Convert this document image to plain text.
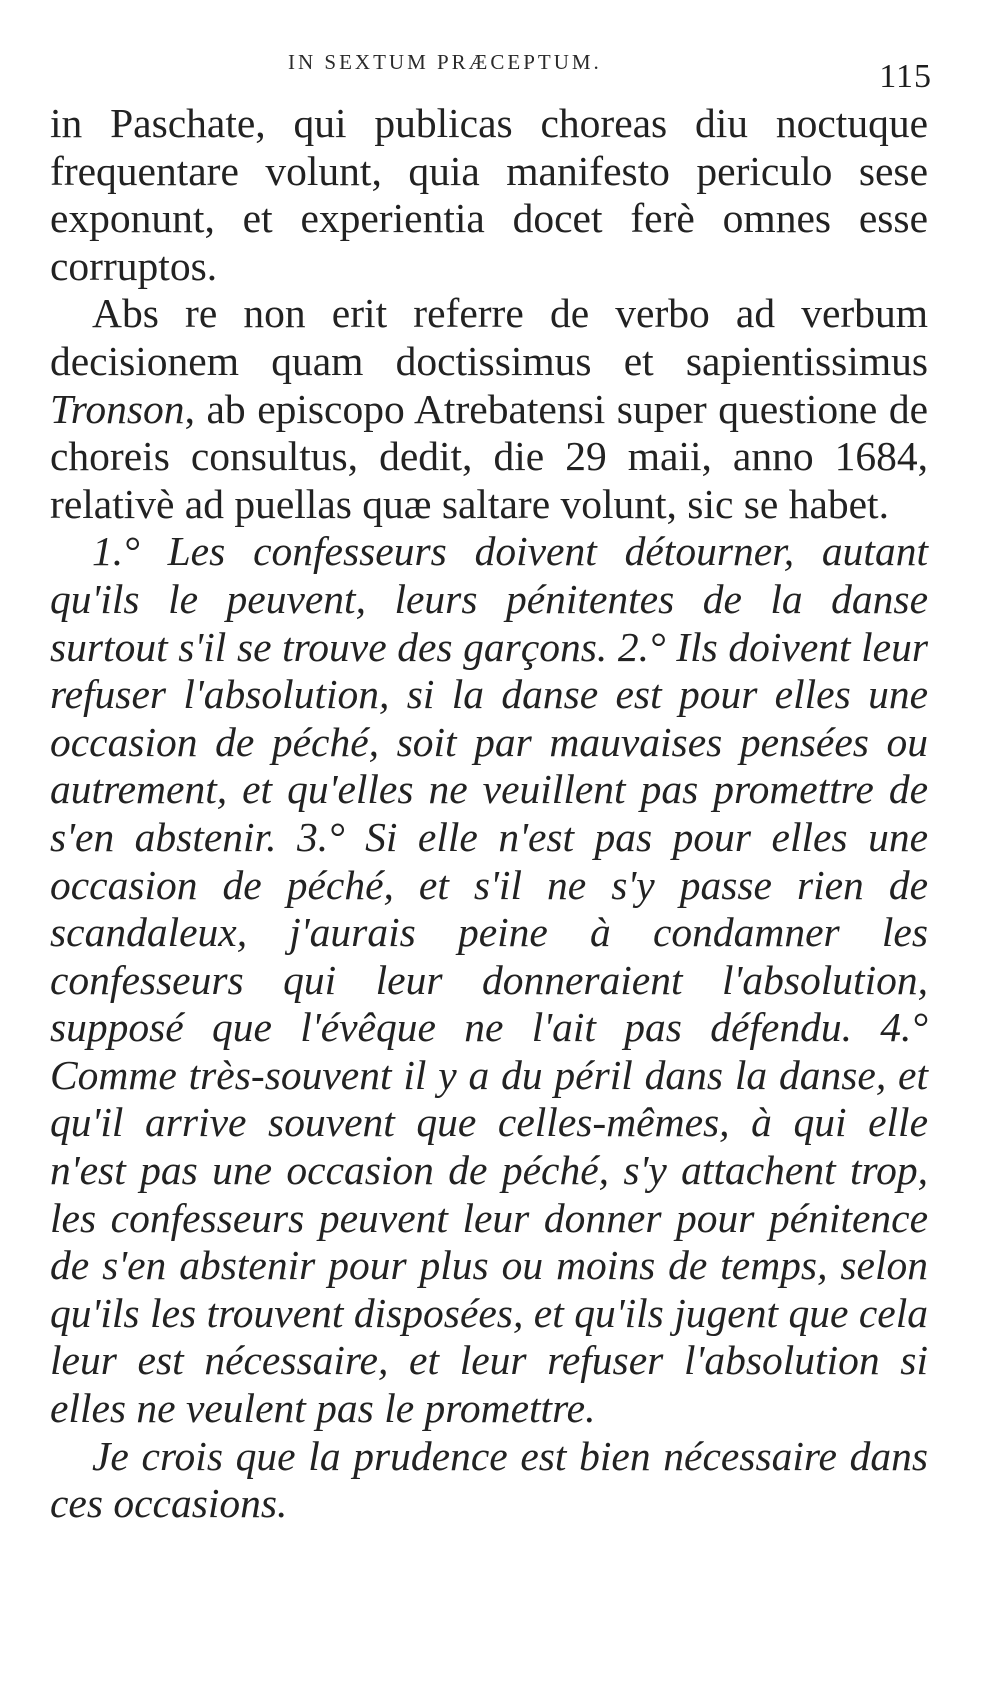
IN SEXTUM PRÆCEPTUM.	115

in Paschate, qui publicas choreas diu noctuque frequentare volunt, quia manifesto periculo sese exponunt, et experientia docet ferè omnes esse corruptos.

Abs re non erit referre de verbo ad verbum decisionem quam doctissimus et sapientissimus Tronson, ab episcopo Atrebatensi super questione de choreis consultus, dedit, die 29 maii, anno 1684, relativè ad puellas quæ saltare volunt, sic se habet.

1.° Les confesseurs doivent détourner, autant qu'ils le peuvent, leurs pénitentes de la danse surtout s'il se trouve des garçons. 2.° Ils doivent leur refuser l'absolution, si la danse est pour elles une occasion de péché, soit par mauvaises pensées ou autrement, et qu'elles ne veuillent pas promettre de s'en abstenir. 3.° Si elle n'est pas pour elles une occasion de péché, et s'il ne s'y passe rien de scandaleux, j'aurais peine à condamner les confesseurs qui leur donneraient l'absolution, supposé que l'évêque ne l'ait pas défendu. 4.° Comme très-souvent il y a du péril dans la danse, et qu'il arrive souvent que celles-mêmes, à qui elle n'est pas une occasion de péché, s'y attachent trop, les confesseurs peuvent leur donner pour pénitence de s'en abstenir pour plus ou moins de temps, selon qu'ils les trouvent disposées, et qu'ils jugent que cela leur est nécessaire, et leur refuser l'absolution si elles ne veulent pas le promettre.

Je crois que la prudence est bien nécessaire dans ces occasions.
